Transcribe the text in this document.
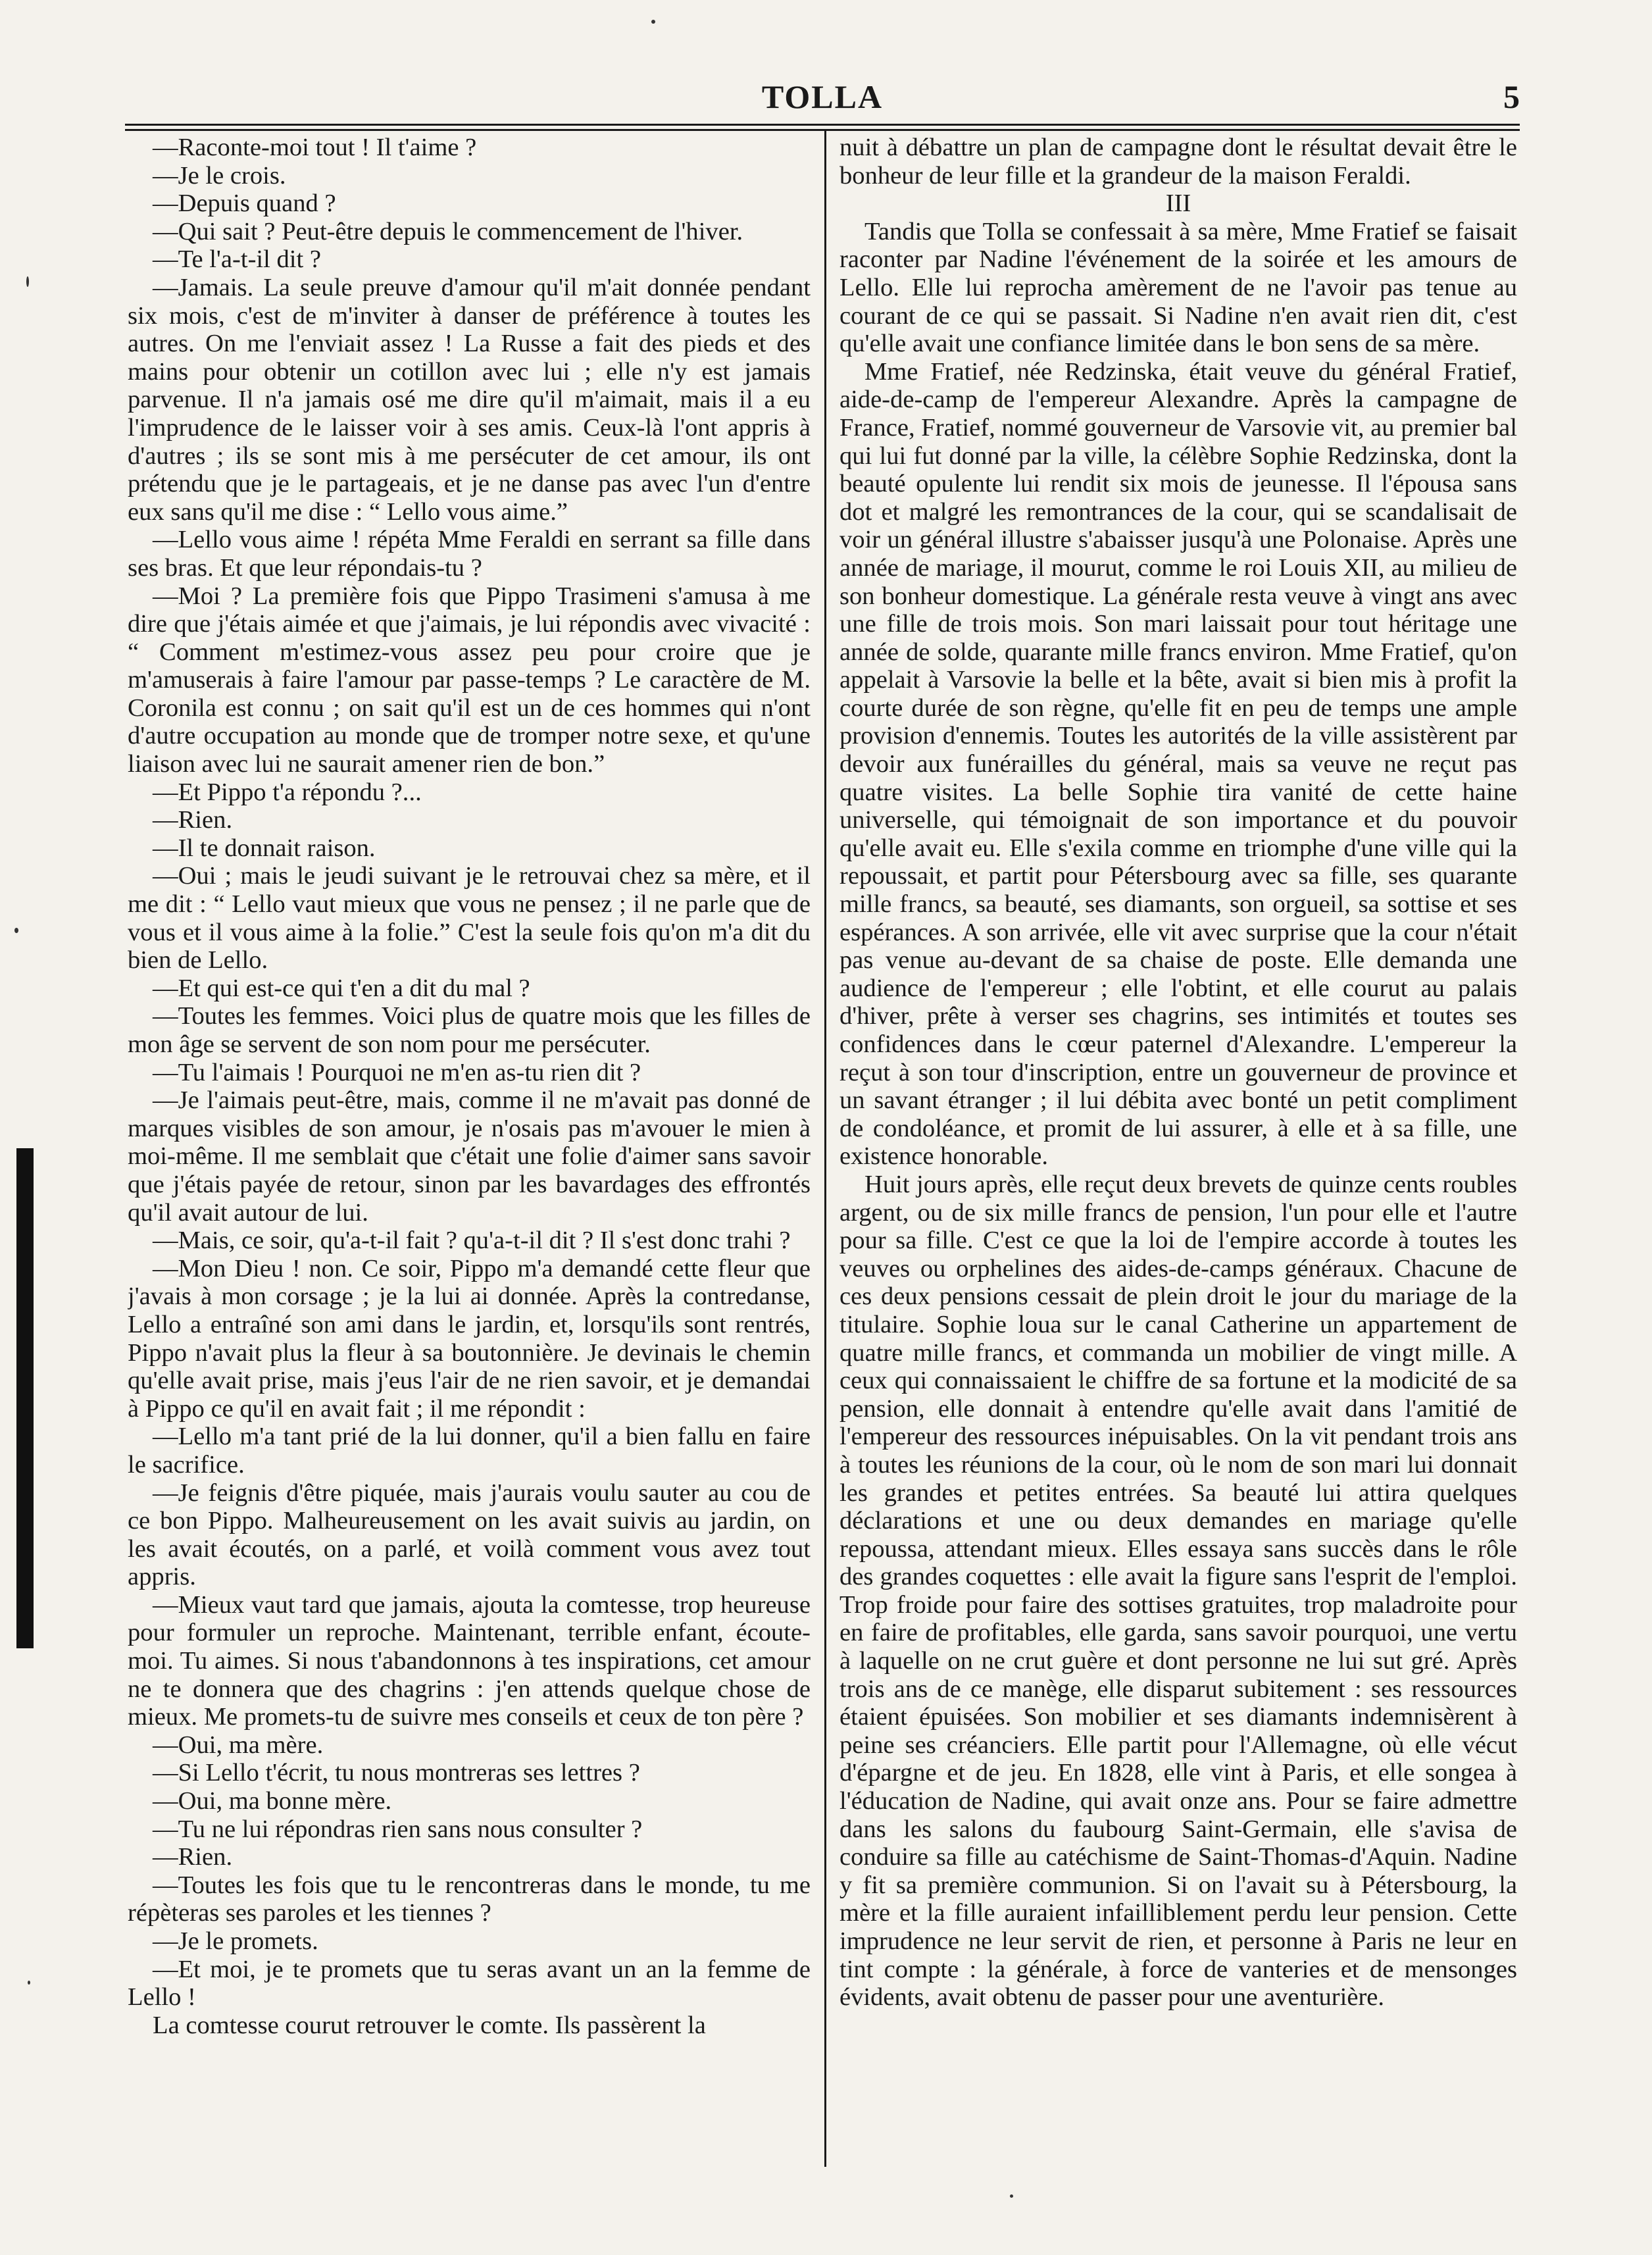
TOLLA	5

—Raconte-moi tout ! Il t'aime ?

—Je le crois.

—Depuis quand ?

—Qui sait ? Peut-être depuis le commencement de l'hiver.

—Te l'a-t-il dit ?

—Jamais. La seule preuve d'amour qu'il m'ait donnée pendant six mois, c'est de m'inviter à danser de préférence à toutes les autres. On me l'enviait assez ! La Russe a fait des pieds et des mains pour obtenir un cotillon avec lui ; elle n'y est jamais parvenue. Il n'a jamais osé me dire qu'il m'aimait, mais il a eu l'imprudence de le laisser voir à ses amis. Ceux-là l'ont appris à d'autres ; ils se sont mis à me persécuter de cet amour, ils ont prétendu que je le partageais, et je ne danse pas avec l'un d'entre eux sans qu'il me dise : “ Lello vous aime.”

—Lello vous aime ! répéta Mme Feraldi en serrant sa fille dans ses bras. Et que leur répondais-tu ?

—Moi ? La première fois que Pippo Trasimeni s'amusa à me dire que j'étais aimée et que j'aimais, je lui répondis avec vivacité : “ Comment m'estimez-vous assez peu pour croire que je m'amuserais à faire l'amour par passe-temps ? Le caractère de M. Coronila est connu ; on sait qu'il est un de ces hommes qui n'ont d'autre occupation au monde que de tromper notre sexe, et qu'une liaison avec lui ne saurait amener rien de bon.”

—Et Pippo t'a répondu ?...

—Rien.

—Il te donnait raison.

—Oui ; mais le jeudi suivant je le retrouvai chez sa mère, et il me dit : “ Lello vaut mieux que vous ne pensez ; il ne parle que de vous et il vous aime à la folie.” C'est la seule fois qu'on m'a dit du bien de Lello.

—Et qui est-ce qui t'en a dit du mal ?

—Toutes les femmes. Voici plus de quatre mois que les filles de mon âge se servent de son nom pour me persécuter.

—Tu l'aimais ! Pourquoi ne m'en as-tu rien dit ?

—Je l'aimais peut-être, mais, comme il ne m'avait pas donné de marques visibles de son amour, je n'osais pas m'avouer le mien à moi-même. Il me semblait que c'était une folie d'aimer sans savoir que j'étais payée de retour, sinon par les bavardages des effrontés qu'il avait autour de lui.

—Mais, ce soir, qu'a-t-il fait ? qu'a-t-il dit ? Il s'est donc trahi ?

—Mon Dieu ! non. Ce soir, Pippo m'a demandé cette fleur que j'avais à mon corsage ; je la lui ai donnée. Après la contredanse, Lello a entraîné son ami dans le jardin, et, lorsqu'ils sont rentrés, Pippo n'avait plus la fleur à sa boutonnière. Je devinais le chemin qu'elle avait prise, mais j'eus l'air de ne rien savoir, et je demandai à Pippo ce qu'il en avait fait ; il me répondit :

—Lello m'a tant prié de la lui donner, qu'il a bien fallu en faire le sacrifice.

—Je feignis d'être piquée, mais j'aurais voulu sauter au cou de ce bon Pippo. Malheureusement on les avait suivis au jardin, on les avait écoutés, on a parlé, et voilà comment vous avez tout appris.

—Mieux vaut tard que jamais, ajouta la comtesse, trop heureuse pour formuler un reproche. Maintenant, terrible enfant, écoute-moi. Tu aimes. Si nous t'abandonnons à tes inspirations, cet amour ne te donnera que des chagrins : j'en attends quelque chose de mieux. Me promets-tu de suivre mes conseils et ceux de ton père ?

—Oui, ma mère.

—Si Lello t'écrit, tu nous montreras ses lettres ?

—Oui, ma bonne mère.

—Tu ne lui répondras rien sans nous consulter ?

—Rien.

—Toutes les fois que tu le rencontreras dans le monde, tu me répèteras ses paroles et les tiennes ?

—Je le promets.

—Et moi, je te promets que tu seras avant un an la femme de Lello !

La comtesse courut retrouver le comte. Ils passèrent la

nuit à débattre un plan de campagne dont le résultat devait être le bonheur de leur fille et la grandeur de la maison Feraldi.

III

Tandis que Tolla se confessait à sa mère, Mme Fratief se faisait raconter par Nadine l'événement de la soirée et les amours de Lello. Elle lui reprocha amèrement de ne l'avoir pas tenue au courant de ce qui se passait. Si Nadine n'en avait rien dit, c'est qu'elle avait une confiance limitée dans le bon sens de sa mère.

Mme Fratief, née Redzinska, était veuve du général Fratief, aide-de-camp de l'empereur Alexandre. Après la campagne de France, Fratief, nommé gouverneur de Varsovie vit, au premier bal qui lui fut donné par la ville, la célèbre Sophie Redzinska, dont la beauté opulente lui rendit six mois de jeunesse. Il l'épousa sans dot et malgré les remontrances de la cour, qui se scandalisait de voir un général illustre s'abaisser jusqu'à une Polonaise. Après une année de mariage, il mourut, comme le roi Louis XII, au milieu de son bonheur domestique. La générale resta veuve à vingt ans avec une fille de trois mois. Son mari laissait pour tout héritage une année de solde, quarante mille francs environ. Mme Fratief, qu'on appelait à Varsovie la belle et la bête, avait si bien mis à profit la courte durée de son règne, qu'elle fit en peu de temps une ample provision d'ennemis. Toutes les autorités de la ville assistèrent par devoir aux funérailles du général, mais sa veuve ne reçut pas quatre visites. La belle Sophie tira vanité de cette haine universelle, qui témoignait de son importance et du pouvoir qu'elle avait eu. Elle s'exila comme en triomphe d'une ville qui la repoussait, et partit pour Pétersbourg avec sa fille, ses quarante mille francs, sa beauté, ses diamants, son orgueil, sa sottise et ses espérances. A son arrivée, elle vit avec surprise que la cour n'était pas venue au-devant de sa chaise de poste. Elle demanda une audience de l'empereur ; elle l'obtint, et elle courut au palais d'hiver, prête à verser ses chagrins, ses intimités et toutes ses confidences dans le cœur paternel d'Alexandre. L'empereur la reçut à son tour d'inscription, entre un gouverneur de province et un savant étranger ; il lui débita avec bonté un petit compliment de condoléance, et promit de lui assurer, à elle et à sa fille, une existence honorable.

Huit jours après, elle reçut deux brevets de quinze cents roubles argent, ou de six mille francs de pension, l'un pour elle et l'autre pour sa fille. C'est ce que la loi de l'empire accorde à toutes les veuves ou orphelines des aides-de-camps généraux. Chacune de ces deux pensions cessait de plein droit le jour du mariage de la titulaire. Sophie loua sur le canal Catherine un appartement de quatre mille francs, et commanda un mobilier de vingt mille. A ceux qui connaissaient le chiffre de sa fortune et la modicité de sa pension, elle donnait à entendre qu'elle avait dans l'amitié de l'empereur des ressources inépuisables. On la vit pendant trois ans à toutes les réunions de la cour, où le nom de son mari lui donnait les grandes et petites entrées. Sa beauté lui attira quelques déclarations et une ou deux demandes en mariage qu'elle repoussa, attendant mieux. Elles essaya sans succès dans le rôle des grandes coquettes : elle avait la figure sans l'esprit de l'emploi. Trop froide pour faire des sottises gratuites, trop maladroite pour en faire de profitables, elle garda, sans savoir pourquoi, une vertu à laquelle on ne crut guère et dont personne ne lui sut gré. Après trois ans de ce manège, elle disparut subitement : ses ressources étaient épuisées. Son mobilier et ses diamants indemnisèrent à peine ses créanciers. Elle partit pour l'Allemagne, où elle vécut d'épargne et de jeu. En 1828, elle vint à Paris, et elle songea à l'éducation de Nadine, qui avait onze ans. Pour se faire admettre dans les salons du faubourg Saint-Germain, elle s'avisa de conduire sa fille au catéchisme de Saint-Thomas-d'Aquin. Nadine y fit sa première communion. Si on l'avait su à Pétersbourg, la mère et la fille auraient infailliblement perdu leur pension. Cette imprudence ne leur servit de rien, et personne à Paris ne leur en tint compte : la générale, à force de vanteries et de mensonges évidents, avait obtenu de passer pour une aventurière.
